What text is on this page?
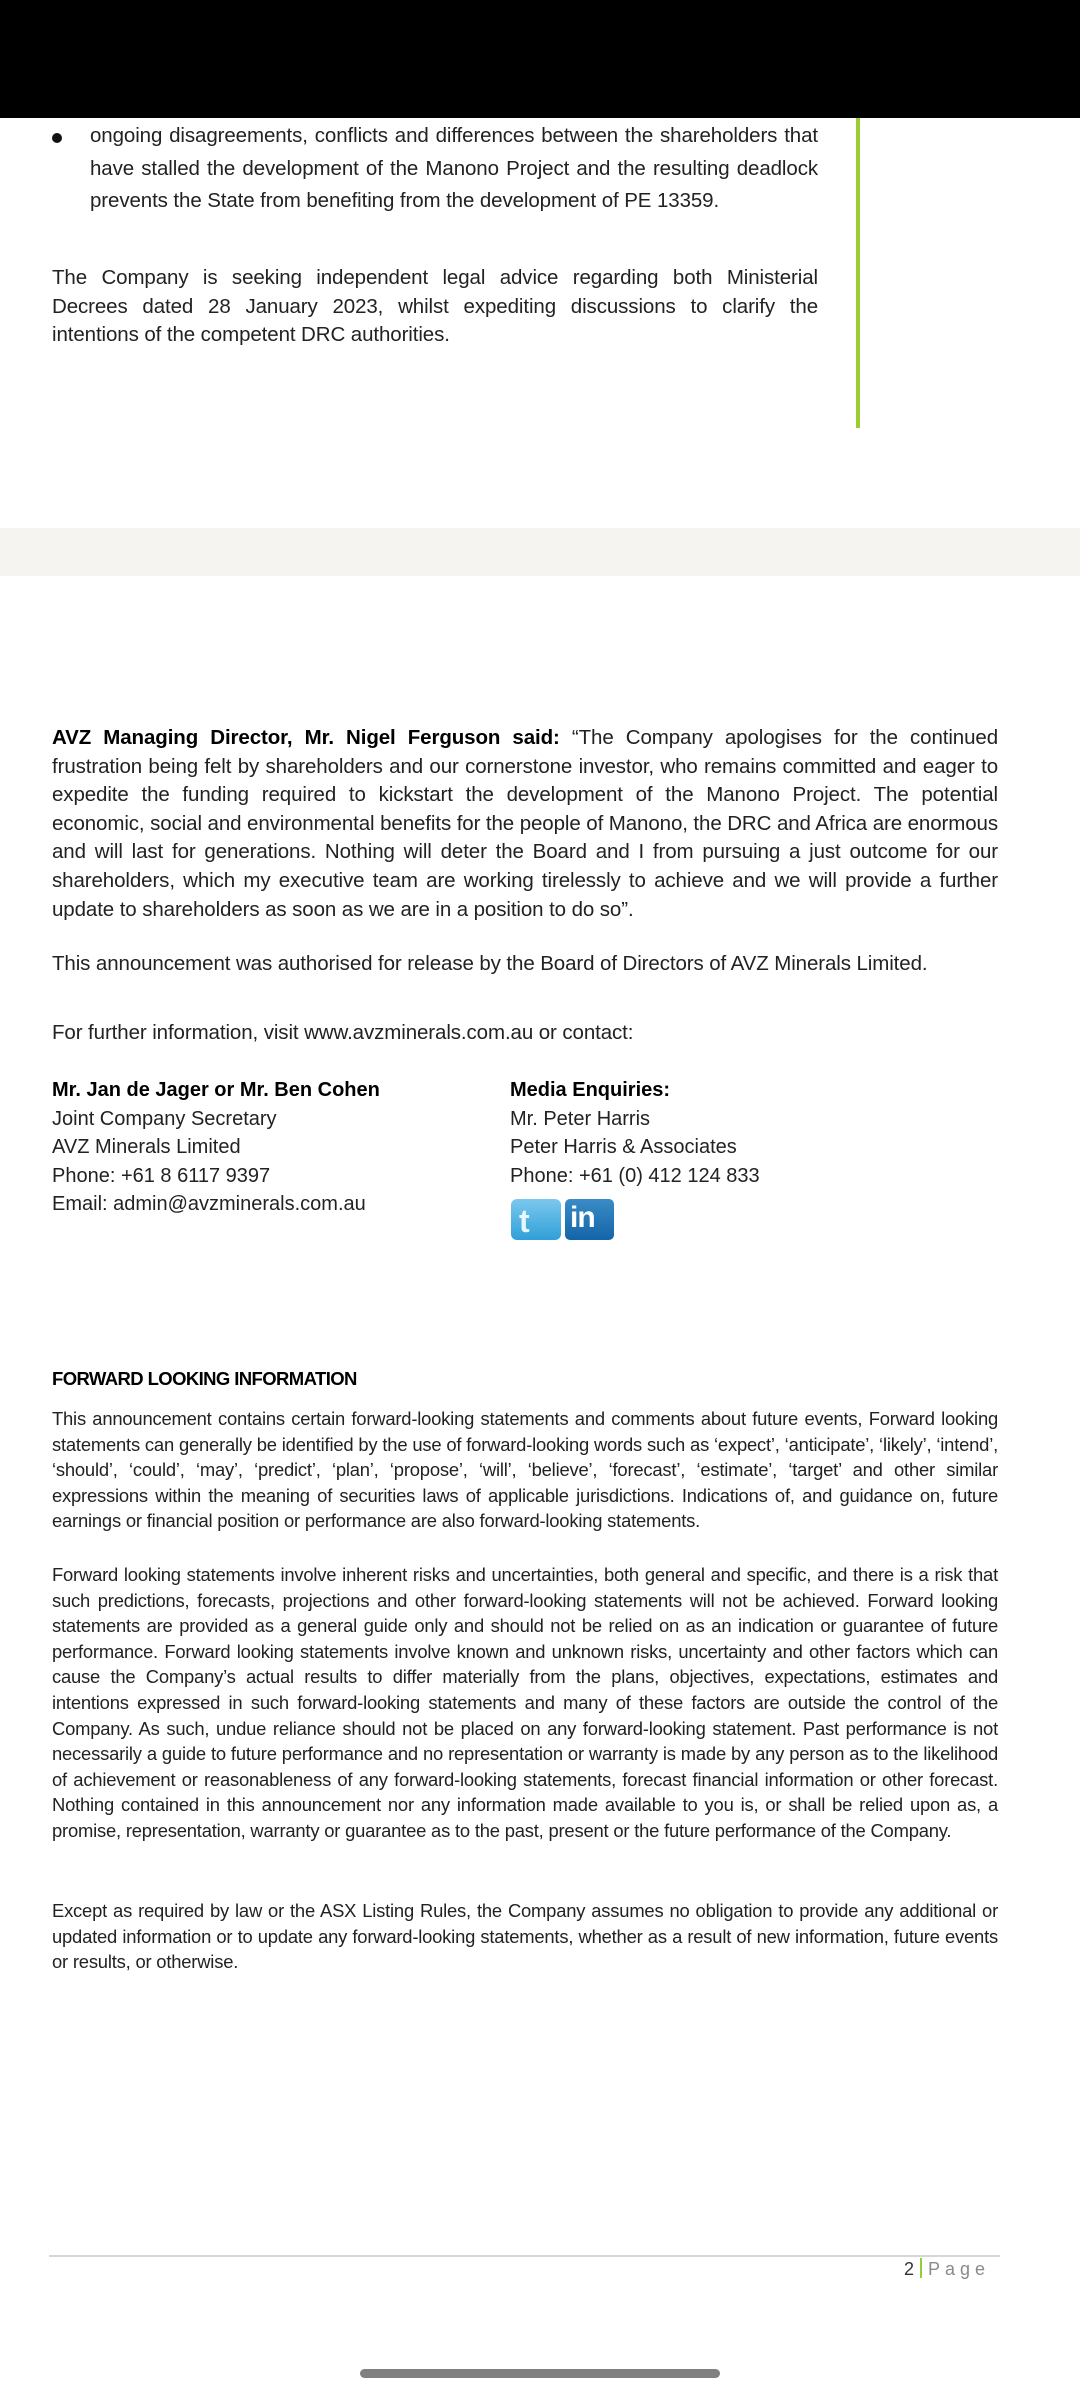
ongoing disagreements, conflicts and differences between the shareholders that have stalled the development of the Manono Project and the resulting deadlock prevents the State from benefiting from the development of PE 13359.
The Company is seeking independent legal advice regarding both Ministerial Decrees dated 28 January 2023, whilst expediting discussions to clarify the intentions of the competent DRC authorities.
AVZ Managing Director, Mr. Nigel Ferguson said: “The Company apologises for the continued frustration being felt by shareholders and our cornerstone investor, who remains committed and eager to expedite the funding required to kickstart the development of the Manono Project. The potential economic, social and environmental benefits for the people of Manono, the DRC and Africa are enormous and will last for generations. Nothing will deter the Board and I from pursuing a just outcome for our shareholders, which my executive team are working tirelessly to achieve and we will provide a further update to shareholders as soon as we are in a position to do so”.
This announcement was authorised for release by the Board of Directors of AVZ Minerals Limited.
For further information, visit www.avzminerals.com.au or contact:
Mr. Jan de Jager or Mr. Ben Cohen
Joint Company Secretary
AVZ Minerals Limited
Phone: +61 8 6117 9397
Email: admin@avzminerals.com.au
Media Enquiries:
Mr. Peter Harris
Peter Harris & Associates
Phone: +61 (0) 412 124 833
t in
FORWARD LOOKING INFORMATION
This announcement contains certain forward-looking statements and comments about future events, Forward looking statements can generally be identified by the use of forward-looking words such as ‘expect’, ‘anticipate’, ‘likely’, ‘intend’, ‘should’, ‘could’, ‘may’, ‘predict’, ‘plan’, ‘propose’, ‘will’, ‘believe’, ‘forecast’, ‘estimate’, ‘target’ and other similar expressions within the meaning of securities laws of applicable jurisdictions. Indications of, and guidance on, future earnings or financial position or performance are also forward-looking statements.
Forward looking statements involve inherent risks and uncertainties, both general and specific, and there is a risk that such predictions, forecasts, projections and other forward-looking statements will not be achieved. Forward looking statements are provided as a general guide only and should not be relied on as an indication or guarantee of future performance. Forward looking statements involve known and unknown risks, uncertainty and other factors which can cause the Company’s actual results to differ materially from the plans, objectives, expectations, estimates and intentions expressed in such forward-looking statements and many of these factors are outside the control of the Company. As such, undue reliance should not be placed on any forward-looking statement. Past performance is not necessarily a guide to future performance and no representation or warranty is made by any person as to the likelihood of achievement or reasonableness of any forward-looking statements, forecast financial information or other forecast. Nothing contained in this announcement nor any information made available to you is, or shall be relied upon as, a promise, representation, warranty or guarantee as to the past, present or the future performance of the Company.
Except as required by law or the ASX Listing Rules, the Company assumes no obligation to provide any additional or updated information or to update any forward-looking statements, whether as a result of new information, future events or results, or otherwise.
2 Page
